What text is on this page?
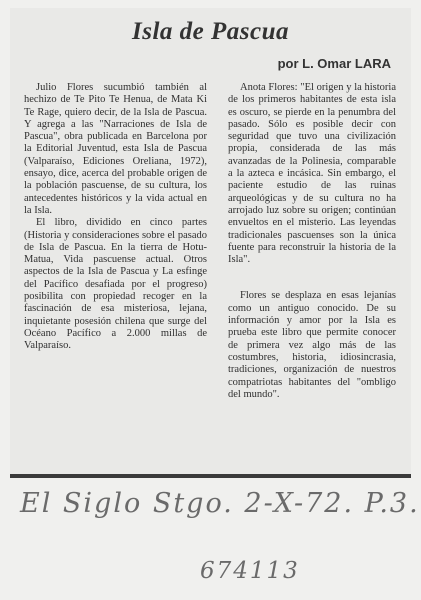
Isla de Pascua
por L. Omar LARA

Julio Flores sucumbió también al hechizo de Te Pito Te Henua, de Mata Ki Te Rage, quiero decir, de la Isla de Pascua. Y agrega a las "Narraciones de Isla de Pascua", obra publicada en Barcelona por la Editorial Juventud, esta Isla de Pascua (Valparaíso, Ediciones Oreliana, 1972), ensayo, dice, acerca del probable origen de la población pascuense, de su cultura, los antecedentes históricos y la vida actual en la Isla.

El libro, dividido en cinco partes (Historia y consideraciones sobre el pasado de Isla de Pascua. En la tierra de Hotu-Matua, Vida pascuense actual. Otros aspectos de la Isla de Pascua y La esfinge del Pacífico desafiada por el progreso) posibilita con propiedad recoger en la fascinación de esa misteriosa, lejana, inquietante posesión chilena que surge del Océano Pacífico a 2.000 millas de Valparaíso.

Anota Flores: "El origen y la historia de los primeros habitantes de esta isla es oscuro, se pierde en la penumbra del pasado. Sólo es posible decir con seguridad que tuvo una civilización propia, considerada de las más avanzadas de la Polinesia, comparable a la azteca e incásica. Sin embargo, el paciente estudio de las ruinas arqueológicas y de su cultura no ha arrojado luz sobre su origen; continúan envueltos en el misterio. Las leyendas tradicionales pascuenses son la única fuente para reconstruir la historia de la Isla".

Flores se desplaza en esas lejanías como un antiguo conocido. De su información y amor por la Isla es prueba este libro que permite conocer de primera vez algo más de las costumbres, historia, idiosincrasia, tradiciones, organización de nuestros compatriotas habitantes del "ombligo del mundo".

El Siglo Stgo. 2-X-72. P.3.
674113
